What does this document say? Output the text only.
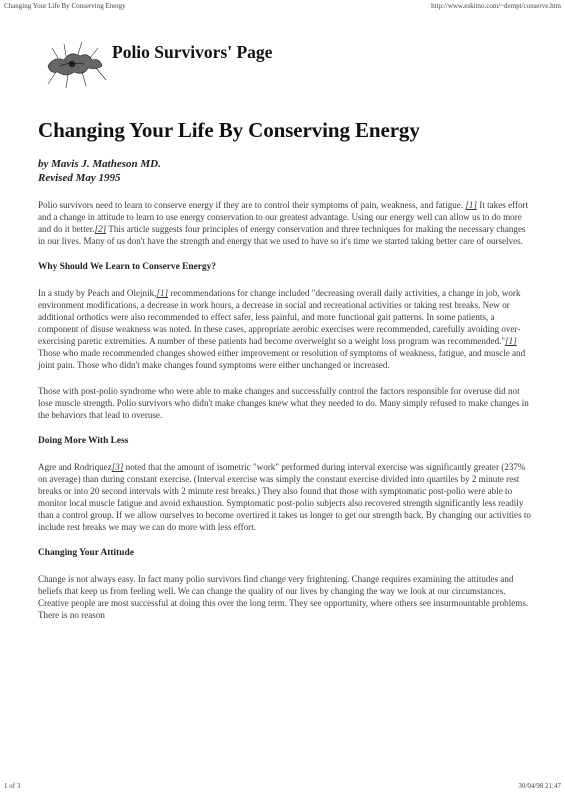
Changing Your Life By Conserving Energy	http://www.eskimo.com/~dempt/conserve.htm
Polio Survivors' Page
Changing Your Life By Conserving Energy
by Mavis J. Matheson MD.
Revised May 1995

Polio survivors need to learn to conserve energy if they are to control their symptoms of pain, weakness, and fatigue. [1] It takes effort and a change in attitude to learn to use energy conservation to our greatest advantage. Using our energy well can allow us to do more and do it better.[2] This article suggests four principles of energy conservation and three techniques for making the necessary changes in our lives. Many of us don't have the strength and energy that we used to have so it's time we started taking better care of ourselves.

Why Should We Learn to Conserve Energy?

In a study by Peach and Olejnik,[1] recommendations for change included "decreasing overall daily activities, a change in job, work environment modifications, a decrease in work hours, a decrease in social and recreational activities or taking rest breaks. New or additional orthotics were also recommended to effect safer, less painful, and more functional gait patterns. In some patients, a component of disuse weakness was noted. In these cases, appropriate aerobic exercises were recommended, carefully avoiding over-exercising paretic extremities. A number of these patients had become overweight so a weight loss program was recommended."[1] Those who made recommended changes showed either improvement or resolution of symptoms of weakness, fatigue, and muscle and joint pain. Those who didn't make changes found symptoms were either unchanged or increased.

Those with post-polio syndrome who were able to make changes and successfully control the factors responsible for overuse did not lose muscle strength. Polio survivors who didn't make changes knew what they needed to do. Many simply refused to make changes in the behaviors that lead to overuse.

Doing More With Less

Agre and Rodriquez[3] noted that the amount of isometric "work" performed during interval exercise was significantly greater (237% on average) than during constant exercise. (Interval exercise was simply the constant exercise divided into quartiles by 2 minute rest breaks or into 20 second intervals with 2 minute rest breaks.) They also found that those with symptomatic post-polio were able to monitor local muscle fatigue and avoid exhaustion. Symptomatic post-polio subjects also recovered strength significantly less readily than a control group. If we allow ourselves to become overtired it takes us longer to get our strength back. By changing our activities to include rest breaks we may we can do more with less effort.

Changing Your Attitude

Change is not always easy. In fact many polio survivors find change very frightening. Change requires examining the attitudes and beliefs that keep us from feeling well. We can change the quality of our lives by changing the way we look at our circumstances. Creative people are most successful at doing this over the long term. They see opportunity, where others see insurmountable problems. There is no reason

1 of 3	30/04/98 21:47
